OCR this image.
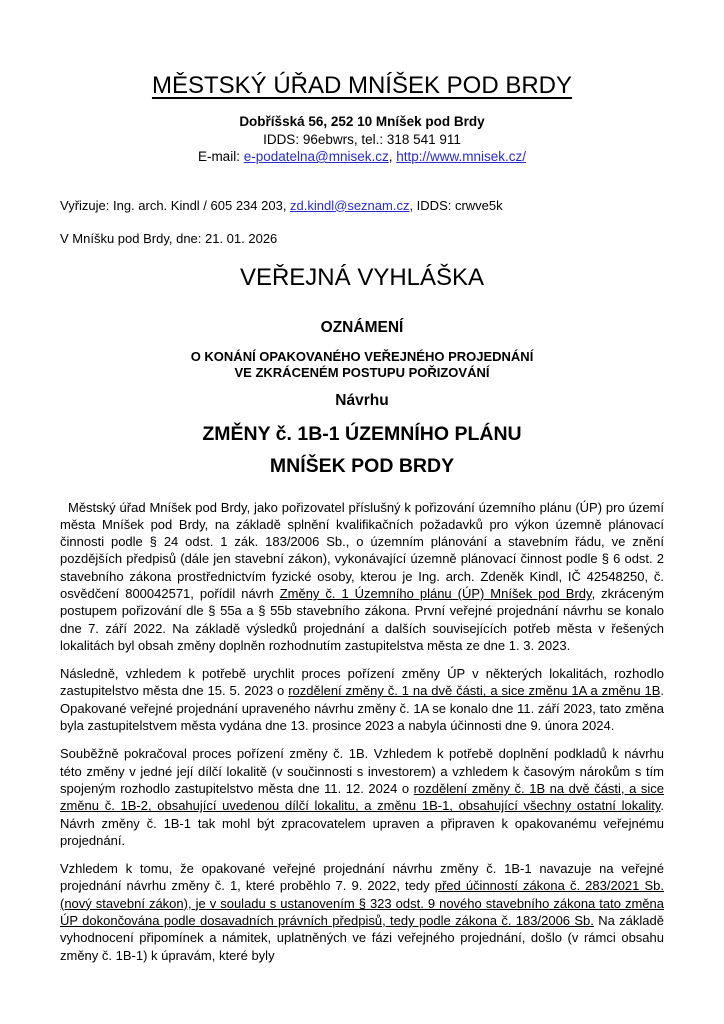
MĚSTSKÝ ÚŘAD MNÍŠEK POD BRDY
Dobříšská 56, 252 10 Mníšek pod Brdy
IDDS: 96ebwrs, tel.: 318 541 911
E-mail: e-podatelna@mnisek.cz, http://www.mnisek.cz/
Vyřizuje: Ing. arch. Kindl / 605 234 203, zd.kindl@seznam.cz, IDDS: crwve5k
V Mníšku pod Brdy, dne: 21. 01. 2026
VEŘEJNÁ VYHLÁŠKA
OZNÁMENÍ
O KONÁNÍ OPAKOVANÉHO VEŘEJNÉHO PROJEDNÁNÍ
VE ZKRÁCENÉM POSTUPU POŘIZOVÁNÍ
Návrhu
ZMĚNY č. 1B-1 ÚZEMNÍHO PLÁNU
MNÍŠEK POD BRDY

Městský úřad Mníšek pod Brdy, jako pořizovatel příslušný k pořizování územního plánu (ÚP) pro území města Mníšek pod Brdy, na základě splnění kvalifikačních požadavků pro výkon územně plánovací činnosti podle § 24 odst. 1 zák. 183/2006 Sb., o územním plánování a stavebním řádu, ve znění pozdějších předpisů (dále jen stavební zákon), vykonávající územně plánovací činnost podle § 6 odst. 2 stavebního zákona prostřednictvím fyzické osoby, kterou je Ing. arch. Zdeněk Kindl, IČ 42548250, č. osvědčení 800042571, pořídil návrh Změny č. 1 Územního plánu (ÚP) Mníšek pod Brdy, zkráceným postupem pořizování dle § 55a a § 55b stavebního zákona. První veřejné projednání návrhu se konalo dne 7. září 2022. Na základě výsledků projednání a dalších souvisejících potřeb města v řešených lokalitách byl obsah změny doplněn rozhodnutím zastupitelstva města ze dne 1. 3. 2023.

Následně, vzhledem k potřebě urychlit proces pořízení změny ÚP v některých lokalitách, rozhodlo zastupitelstvo města dne 15. 5. 2023 o rozdělení změny č. 1 na dvě části, a sice změnu 1A a změnu 1B. Opakované veřejné projednání upraveného návrhu změny č. 1A se konalo dne 11. září 2023, tato změna byla zastupitelstvem města vydána dne 13. prosince 2023 a nabyla účinnosti dne 9. února 2024.

Souběžně pokračoval proces pořízení změny č. 1B. Vzhledem k potřebě doplnění podkladů k návrhu této změny v jedné její dílčí lokalitě (v součinnosti s investorem) a vzhledem k časovým nárokům s tím spojeným rozhodlo zastupitelstvo města dne 11. 12. 2024 o rozdělení změny č. 1B na dvě části, a sice změnu č. 1B-2, obsahující uvedenou dílčí lokalitu, a změnu 1B-1, obsahující všechny ostatní lokality. Návrh změny č. 1B-1 tak mohl být zpracovatelem upraven a připraven k opakovanému veřejnému projednání.

Vzhledem k tomu, že opakované veřejné projednání návrhu změny č. 1B-1 navazuje na veřejné projednání návrhu změny č. 1, které proběhlo 7. 9. 2022, tedy před účinností zákona č. 283/2021 Sb. (nový stavební zákon), je v souladu s ustanovením § 323 odst. 9 nového stavebního zákona tato změna ÚP dokončována podle dosavadních právních předpisů, tedy podle zákona č. 183/2006 Sb. Na základě vyhodnocení připomínek a námitek, uplatněných ve fázi veřejného projednání, došlo (v rámci obsahu změny č. 1B-1) k úpravám, které byly
